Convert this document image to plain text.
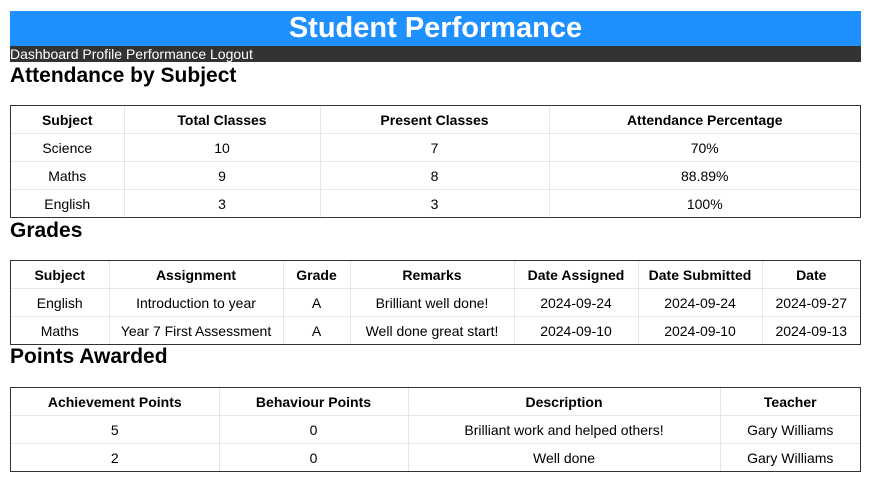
Student Performance
Dashboard Profile Performance Logout
Attendance by Subject
Subject	Total Classes	Present Classes	Attendance Percentage
Science	10	7	70%
Maths	9	8	88.89%
English	3	3	100%
Grades
Subject	Assignment	Grade	Remarks	Date Assigned	Date Submitted	Date
English	Introduction to year	A	Brilliant well done!	2024-09-24	2024-09-24	2024-09-27
Maths	Year 7 First Assessment	A	Well done great start!	2024-09-10	2024-09-10	2024-09-13
Points Awarded
Achievement Points	Behaviour Points	Description	Teacher
5	0	Brilliant work and helped others!	Gary Williams
2	0	Well done	Gary Williams
